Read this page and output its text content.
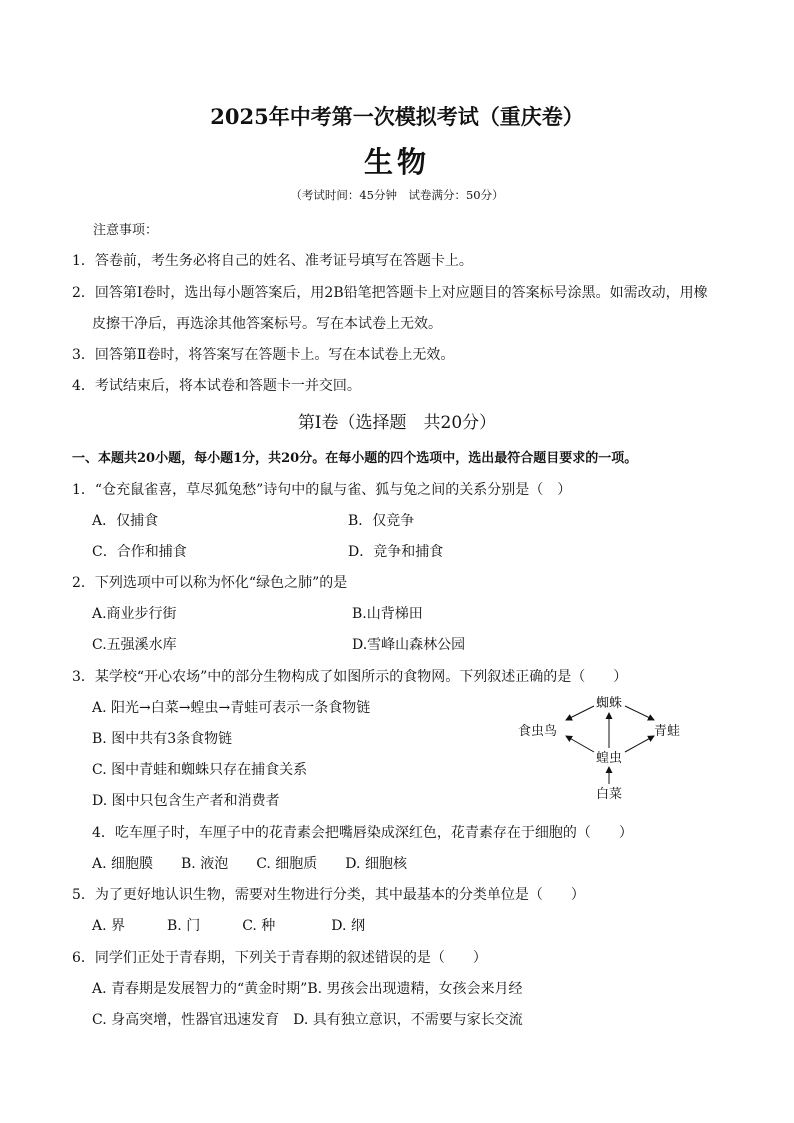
2025年中考第一次模拟考试（重庆卷）
生物
（考试时间：45分钟　试卷满分：50分）
注意事项：
1．答卷前，考生务必将自己的姓名、准考证号填写在答题卡上。
2．回答第Ⅰ卷时，选出每小题答案后，用2B铅笔把答题卡上对应题目的答案标号涂黑。如需改动，用橡
皮擦干净后，再选涂其他答案标号。写在本试卷上无效。
3．回答第Ⅱ卷时，将答案写在答题卡上。写在本试卷上无效。
4．考试结束后，将本试卷和答题卡一并交回。
第Ⅰ卷（选择题　共20分）
一、本题共20小题，每小题1分，共20分。在每小题的四个选项中，选出最符合题目要求的一项。
1．“仓充鼠雀喜，草尽狐兔愁”诗句中的鼠与雀、狐与兔之间的关系分别是（　）
A．仅捕食	B．仅竞争
C．合作和捕食	D．竞争和捕食
2．下列选项中可以称为怀化“绿色之肺”的是
A.商业步行街	B.山背梯田
C.五强溪水库	D.雪峰山森林公园
3．某学校“开心农场”中的部分生物构成了如图所示的食物网。下列叙述正确的是（　　）
A. 阳光→白菜→蝗虫→青蛙可表示一条食物链
B. 图中共有3条食物链
C. 图中青蛙和蜘蛛只存在捕食关系
D. 图中只包含生产者和消费者
蜘蛛
食虫鸟	青蛙
蝗虫
白菜
4．吃车厘子时，车厘子中的花青素会把嘴唇染成深红色，花青素存在于细胞的（　　）
A. 细胞膜　　B. 液泡　　C. 细胞质　　D. 细胞核
5．为了更好地认识生物，需要对生物进行分类，其中最基本的分类单位是（　　）
A. 界　　　B. 门　　　C. 种　　　　D. 纲
6．同学们正处于青春期，下列关于青春期的叙述错误的是（　　）
A. 青春期是发展智力的“黄金时期”B. 男孩会出现遗精，女孩会来月经
C. 身高突增，性器官迅速发育　D. 具有独立意识，不需要与家长交流
